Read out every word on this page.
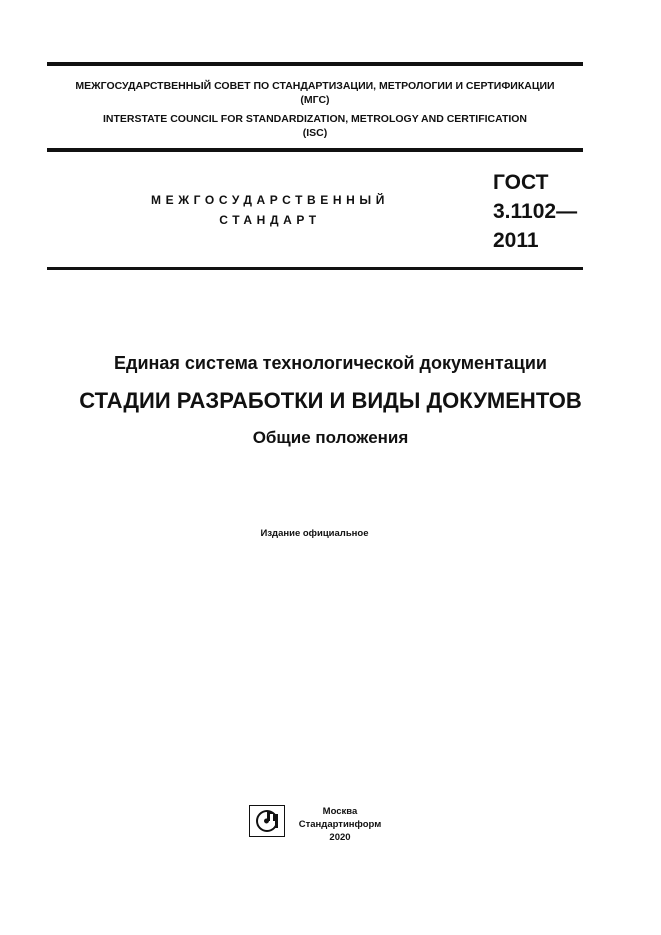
МЕЖГОСУДАРСТВЕННЫЙ СОВЕТ ПО СТАНДАРТИЗАЦИИ, МЕТРОЛОГИИ И СЕРТИФИКАЦИИ
(МГС)
INTERSTATE COUNCIL FOR STANDARDIZATION, METROLOGY AND CERTIFICATION
(ISC)
МЕЖГОСУДАРСТВЕННЫЙ
СТАНДАРТ
ГОСТ
3.1102—
2011
Единая система технологической документации
СТАДИИ РАЗРАБОТКИ И ВИДЫ ДОКУМЕНТОВ
Общие положения
Издание официальное
Москва
Стандартинформ
2020
